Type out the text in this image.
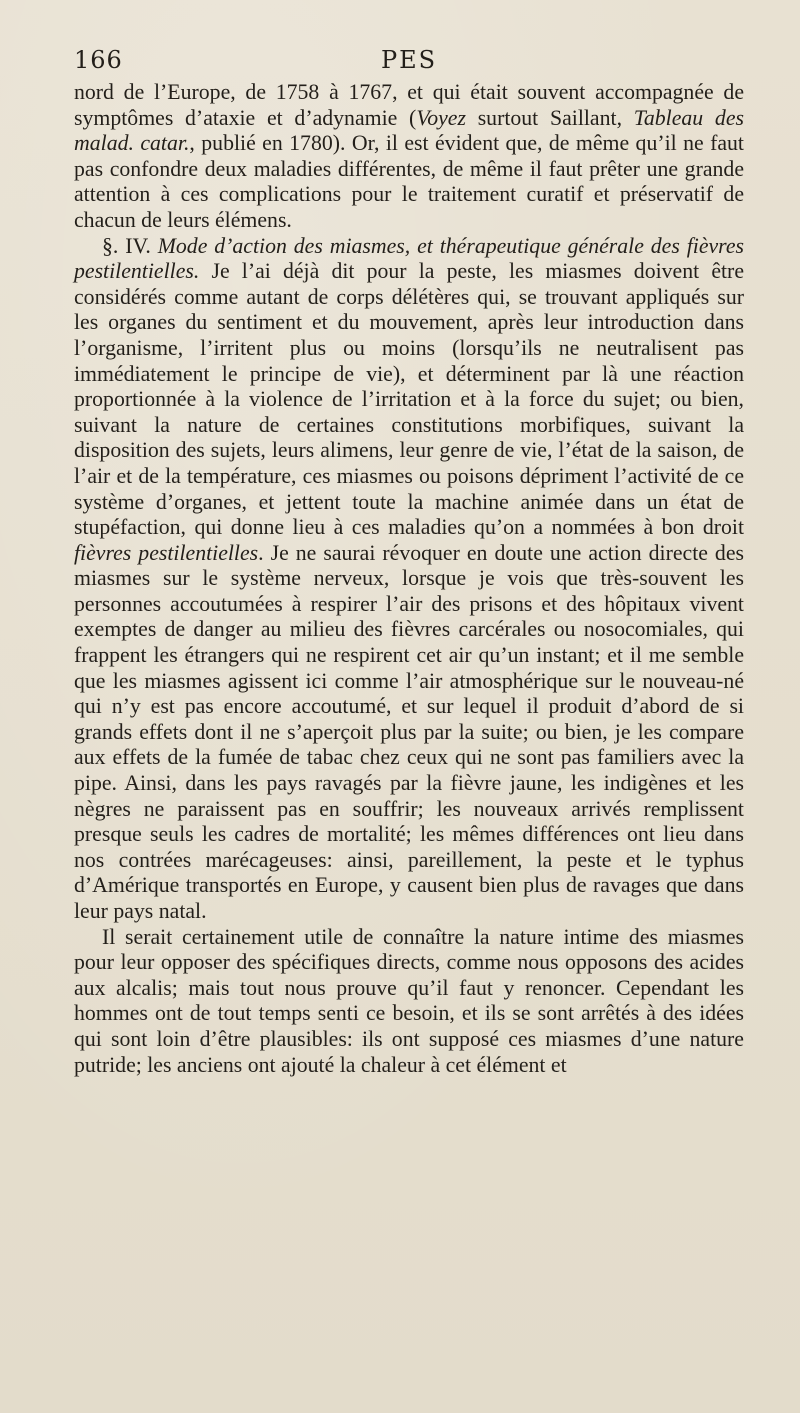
166	PES

nord de l’Europe, de 1758 à 1767, et qui était souvent accompagnée de symptômes d’ataxie et d’adynamie (Voyez surtout Saillant, Tableau des malad. catar., publié en 1780). Or, il est évident que, de même qu’il ne faut pas confondre deux maladies différentes, de même il faut prêter une grande attention à ces complications pour le traitement curatif et préservatif de chacun de leurs élémens.

§. IV. Mode d’action des miasmes, et thérapeutique générale des fièvres pestilentielles. Je l’ai déjà dit pour la peste, les miasmes doivent être considérés comme autant de corps délétères qui, se trouvant appliqués sur les organes du sentiment et du mouvement, après leur introduction dans l’organisme, l’irritent plus ou moins (lorsqu’ils ne neutralisent pas immédiatement le principe de vie), et déterminent par là une réaction proportionnée à la violence de l’irritation et à la force du sujet; ou bien, suivant la nature de certaines constitutions morbifiques, suivant la disposition des sujets, leurs alimens, leur genre de vie, l’état de la saison, de l’air et de la température, ces miasmes ou poisons dépriment l’activité de ce système d’organes, et jettent toute la machine animée dans un état de stupéfaction, qui donne lieu à ces maladies qu’on a nommées à bon droit fièvres pestilentielles. Je ne saurai révoquer en doute une action directe des miasmes sur le système nerveux, lorsque je vois que très-souvent les personnes accoutumées à respirer l’air des prisons et des hôpitaux vivent exemptes de danger au milieu des fièvres carcérales ou nosocomiales, qui frappent les étrangers qui ne respirent cet air qu’un instant; et il me semble que les miasmes agissent ici comme l’air atmosphérique sur le nouveau-né qui n’y est pas encore accoutumé, et sur lequel il produit d’abord de si grands effets dont il ne s’aperçoit plus par la suite; ou bien, je les compare aux effets de la fumée de tabac chez ceux qui ne sont pas familiers avec la pipe. Ainsi, dans les pays ravagés par la fièvre jaune, les indigènes et les nègres ne paraissent pas en souffrir; les nouveaux arrivés remplissent presque seuls les cadres de mortalité; les mêmes différences ont lieu dans nos contrées marécageuses: ainsi, pareillement, la peste et le typhus d’Amérique transportés en Europe, y causent bien plus de ravages que dans leur pays natal.

Il serait certainement utile de connaître la nature intime des miasmes pour leur opposer des spécifiques directs, comme nous opposons des acides aux alcalis; mais tout nous prouve qu’il faut y renoncer. Cependant les hommes ont de tout temps senti ce besoin, et ils se sont arrêtés à des idées qui sont loin d’être plausibles: ils ont supposé ces miasmes d’une nature putride; les anciens ont ajouté la chaleur à cet élément et
